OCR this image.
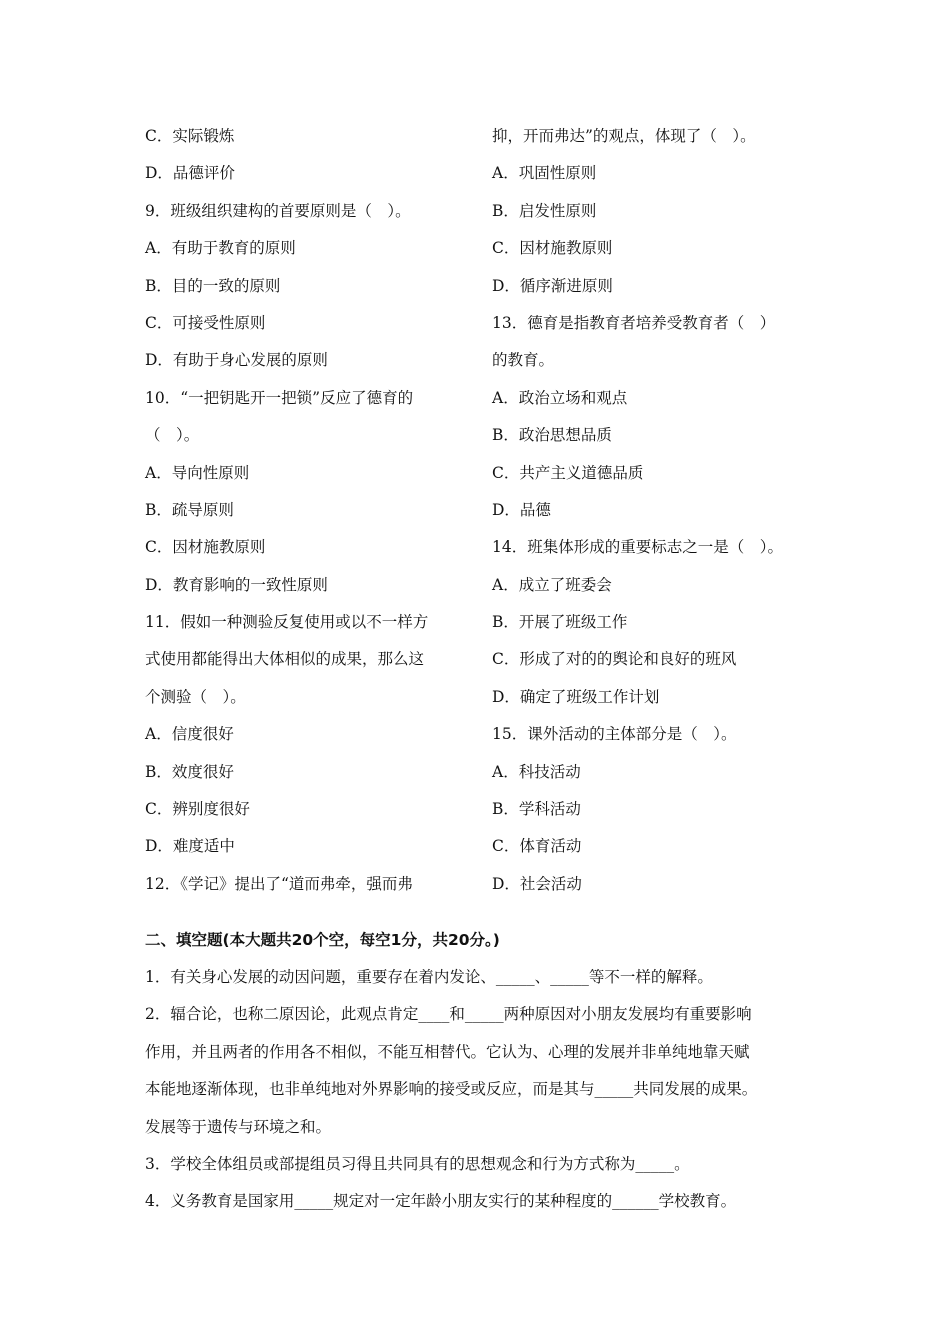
C．实际锻炼
D．品德评价
9．班级组织建构的首要原则是（　）。
A．有助于教育的原则
B．目的一致的原则
C．可接受性原则
D．有助于身心发展的原则
10．“一把钥匙开一把锁”反应了德育的
（　）。
A．导向性原则
B．疏导原则
C．因材施教原则
D．教育影响的一致性原则
11．假如一种测验反复使用或以不一样方
式使用都能得出大体相似的成果，那么这
个测验（　）。
A．信度很好
B．效度很好
C．辨别度很好
D．难度适中
12．《学记》提出了“道而弗牵，强而弗
抑，开而弗达”的观点，体现了（　）。
A．巩固性原则
B．启发性原则
C．因材施教原则
D．循序渐进原则
13．德育是指教育者培养受教育者（　）
的教育。
A．政治立场和观点
B．政治思想品质
C．共产主义道德品质
D．品德
14．班集体形成的重要标志之一是（　）。
A．成立了班委会
B．开展了班级工作
C．形成了对的的舆论和良好的班风
D．确定了班级工作计划
15．课外活动的主体部分是（　）。
A．科技活动
B．学科活动
C．体育活动
D．社会活动
二、填空题(本大题共20个空，每空1分，共20分。)
1．有关身心发展的动因问题，重要存在着内发论、_____、_____等不一样的解释。
2．辐合论，也称二原因论，此观点肯定____和_____两种原因对小朋友发展均有重要影响
作用，并且两者的作用各不相似，不能互相替代。它认为、心理的发展并非单纯地靠天赋
本能地逐渐体现，也非单纯地对外界影响的接受或反应，而是其与_____共同发展的成果。
发展等于遗传与环境之和。
3．学校全体组员或部提组员习得且共同具有的思想观念和行为方式称为_____。
4．义务教育是国家用_____规定对一定年龄小朋友实行的某种程度的______学校教育。
